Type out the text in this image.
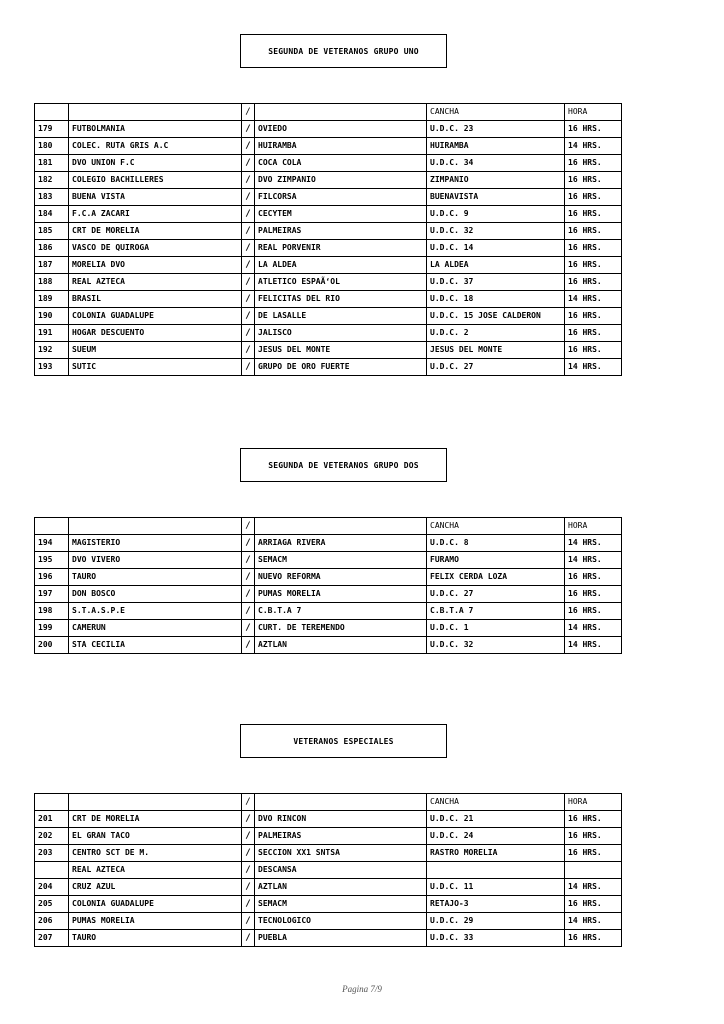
SEGUNDA DE VETERANOS GRUPO UNO
		/		CANCHA	HORA
179	FUTBOLMANIA	/	OVIEDO	U.D.C. 23	16 HRS.
180	COLEC. RUTA GRIS A.C	/	HUIRAMBA	HUIRAMBA	14 HRS.
181	DVO UNION F.C	/	COCA COLA	U.D.C. 34	16 HRS.
182	COLEGIO BACHILLERES	/	DVO ZIMPANIO	ZIMPANIO	16 HRS.
183	BUENA VISTA	/	FILCORSA	BUENAVISTA	16 HRS.
184	F.C.A ZACARI	/	CECYTEM	U.D.C. 9	16 HRS.
185	CRT DE MORELIA	/	PALMEIRAS	U.D.C. 32	16 HRS.
186	VASCO DE QUIROGA	/	REAL PORVENIR	U.D.C. 14	16 HRS.
187	MORELIA DVO	/	LA ALDEA	LA ALDEA	16 HRS.
188	REAL AZTECA	/	ATLETICO ESPAÃ‘OL	U.D.C. 37	16 HRS.
189	BRASIL	/	FELICITAS DEL RIO	U.D.C. 18	14 HRS.
190	COLONIA GUADALUPE	/	DE LASALLE	U.D.C. 15 JOSE CALDERON	16 HRS.
191	HOGAR DESCUENTO	/	JALISCO	U.D.C. 2	16 HRS.
192	SUEUM	/	JESUS DEL MONTE	JESUS DEL MONTE	16 HRS.
193	SUTIC	/	GRUPO DE ORO FUERTE	U.D.C. 27	14 HRS.
SEGUNDA DE VETERANOS GRUPO DOS
		/		CANCHA	HORA
194	MAGISTERIO	/	ARRIAGA RIVERA	U.D.C. 8	14 HRS.
195	DVO VIVERO	/	SEMACM	FURAMO	14 HRS.
196	TAURO	/	NUEVO REFORMA	FELIX CERDA LOZA	16 HRS.
197	DON BOSCO	/	PUMAS MORELIA	U.D.C. 27	16 HRS.
198	S.T.A.S.P.E	/	C.B.T.A 7	C.B.T.A 7	16 HRS.
199	CAMERUN	/	CURT. DE TEREMENDO	U.D.C. 1	14 HRS.
200	STA CECILIA	/	AZTLAN	U.D.C. 32	14 HRS.
VETERANOS ESPECIALES
		/		CANCHA	HORA
201	CRT DE MORELIA	/	DVO RINCON	U.D.C. 21	16 HRS.
202	EL GRAN TACO	/	PALMEIRAS	U.D.C. 24	16 HRS.
203	CENTRO SCT DE M.	/	SECCION XX1 SNTSA	RASTRO MORELIA	16 HRS.
	REAL AZTECA	/	DESCANSA		
204	CRUZ AZUL	/	AZTLAN	U.D.C. 11	14 HRS.
205	COLONIA GUADALUPE	/	SEMACM	RETAJO-3	16 HRS.
206	PUMAS MORELIA	/	TECNOLOGICO	U.D.C. 29	14 HRS.
207	TAURO	/	PUEBLA	U.D.C. 33	16 HRS.
Pagina 7/9
